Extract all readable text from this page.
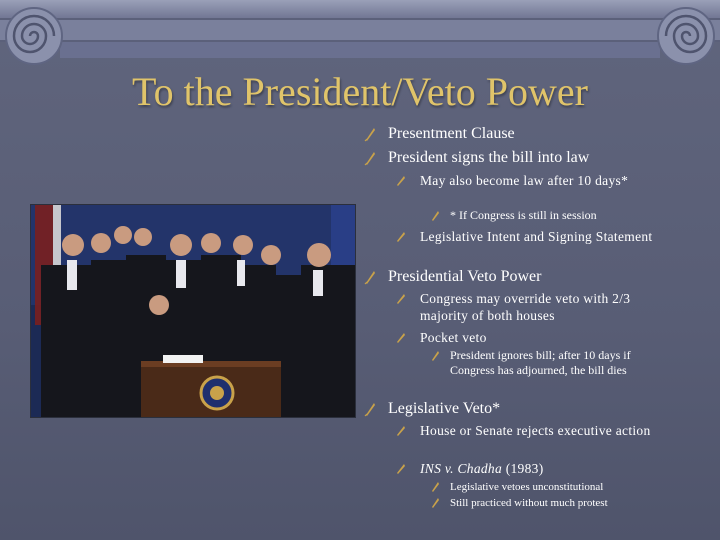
To the President/Veto Power
Presentment Clause
President signs the bill into law
May also become law after 10 days*
* If Congress is still in session
Legislative Intent and Signing Statement
Presidential Veto Power
Congress may override veto with 2/3 majority of both houses
Pocket veto
President ignores bill; after 10 days if Congress has adjourned, the bill dies
Legislative Veto*
House or Senate rejects executive action
INS v. Chadha (1983)
Legislative vetoes unconstitutional
Still practiced without much protest
